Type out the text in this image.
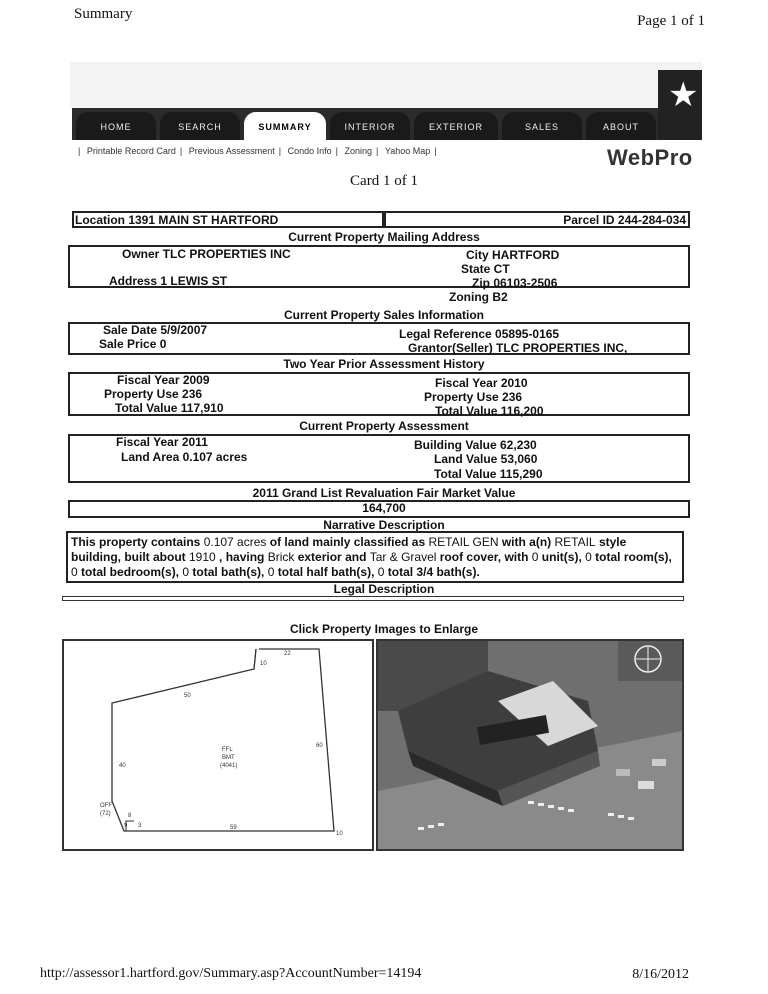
Summary	Page 1 of 1
HOME	SEARCH	SUMMARY	INTERIOR	EXTERIOR	SALES	ABOUT
★
| Printable Record Card | Previous Assessment | Condo Info | Zoning | Yahoo Map |	WebPro
Card 1 of 1
Location 1391 MAIN ST HARTFORD	Parcel ID 244-284-034
Current Property Mailing Address
Owner TLC PROPERTIES INC
Address 1 LEWIS ST
City HARTFORD
State CT
Zip 06103-2506
Zoning B2
Current Property Sales Information
Sale Date 5/9/2007
Sale Price 0
Legal Reference 05895-0165
Grantor(Seller) TLC PROPERTIES INC,
Two Year Prior Assessment History
Fiscal Year 2009
Property Use 236
Total Value 117,910
Fiscal Year 2010
Property Use 236
Total Value 116,200
Current Property Assessment
Fiscal Year 2011
Land Area 0.107 acres
Building Value 62,230
Land Value 53,060
Total Value 115,290
2011 Grand List Revaluation Fair Market Value
164,700
Narrative Description
This property contains 0.107 acres of land mainly classified as RETAIL GEN with a(n) RETAIL style building, built about 1910 , having Brick exterior and Tar & Gravel roof cover, with 0 unit(s), 0 total room(s), 0 total bedroom(s), 0 total bath(s), 0 total half bath(s), 0 total 3/4 bath(s).
Legal Description
Click Property Images to Enlarge
22
10
50
60
40
FFL
BMT
(4041)
OFF
(72)	8
9 3	59
10
http://assessor1.hartford.gov/Summary.asp?AccountNumber=14194	8/16/2012
